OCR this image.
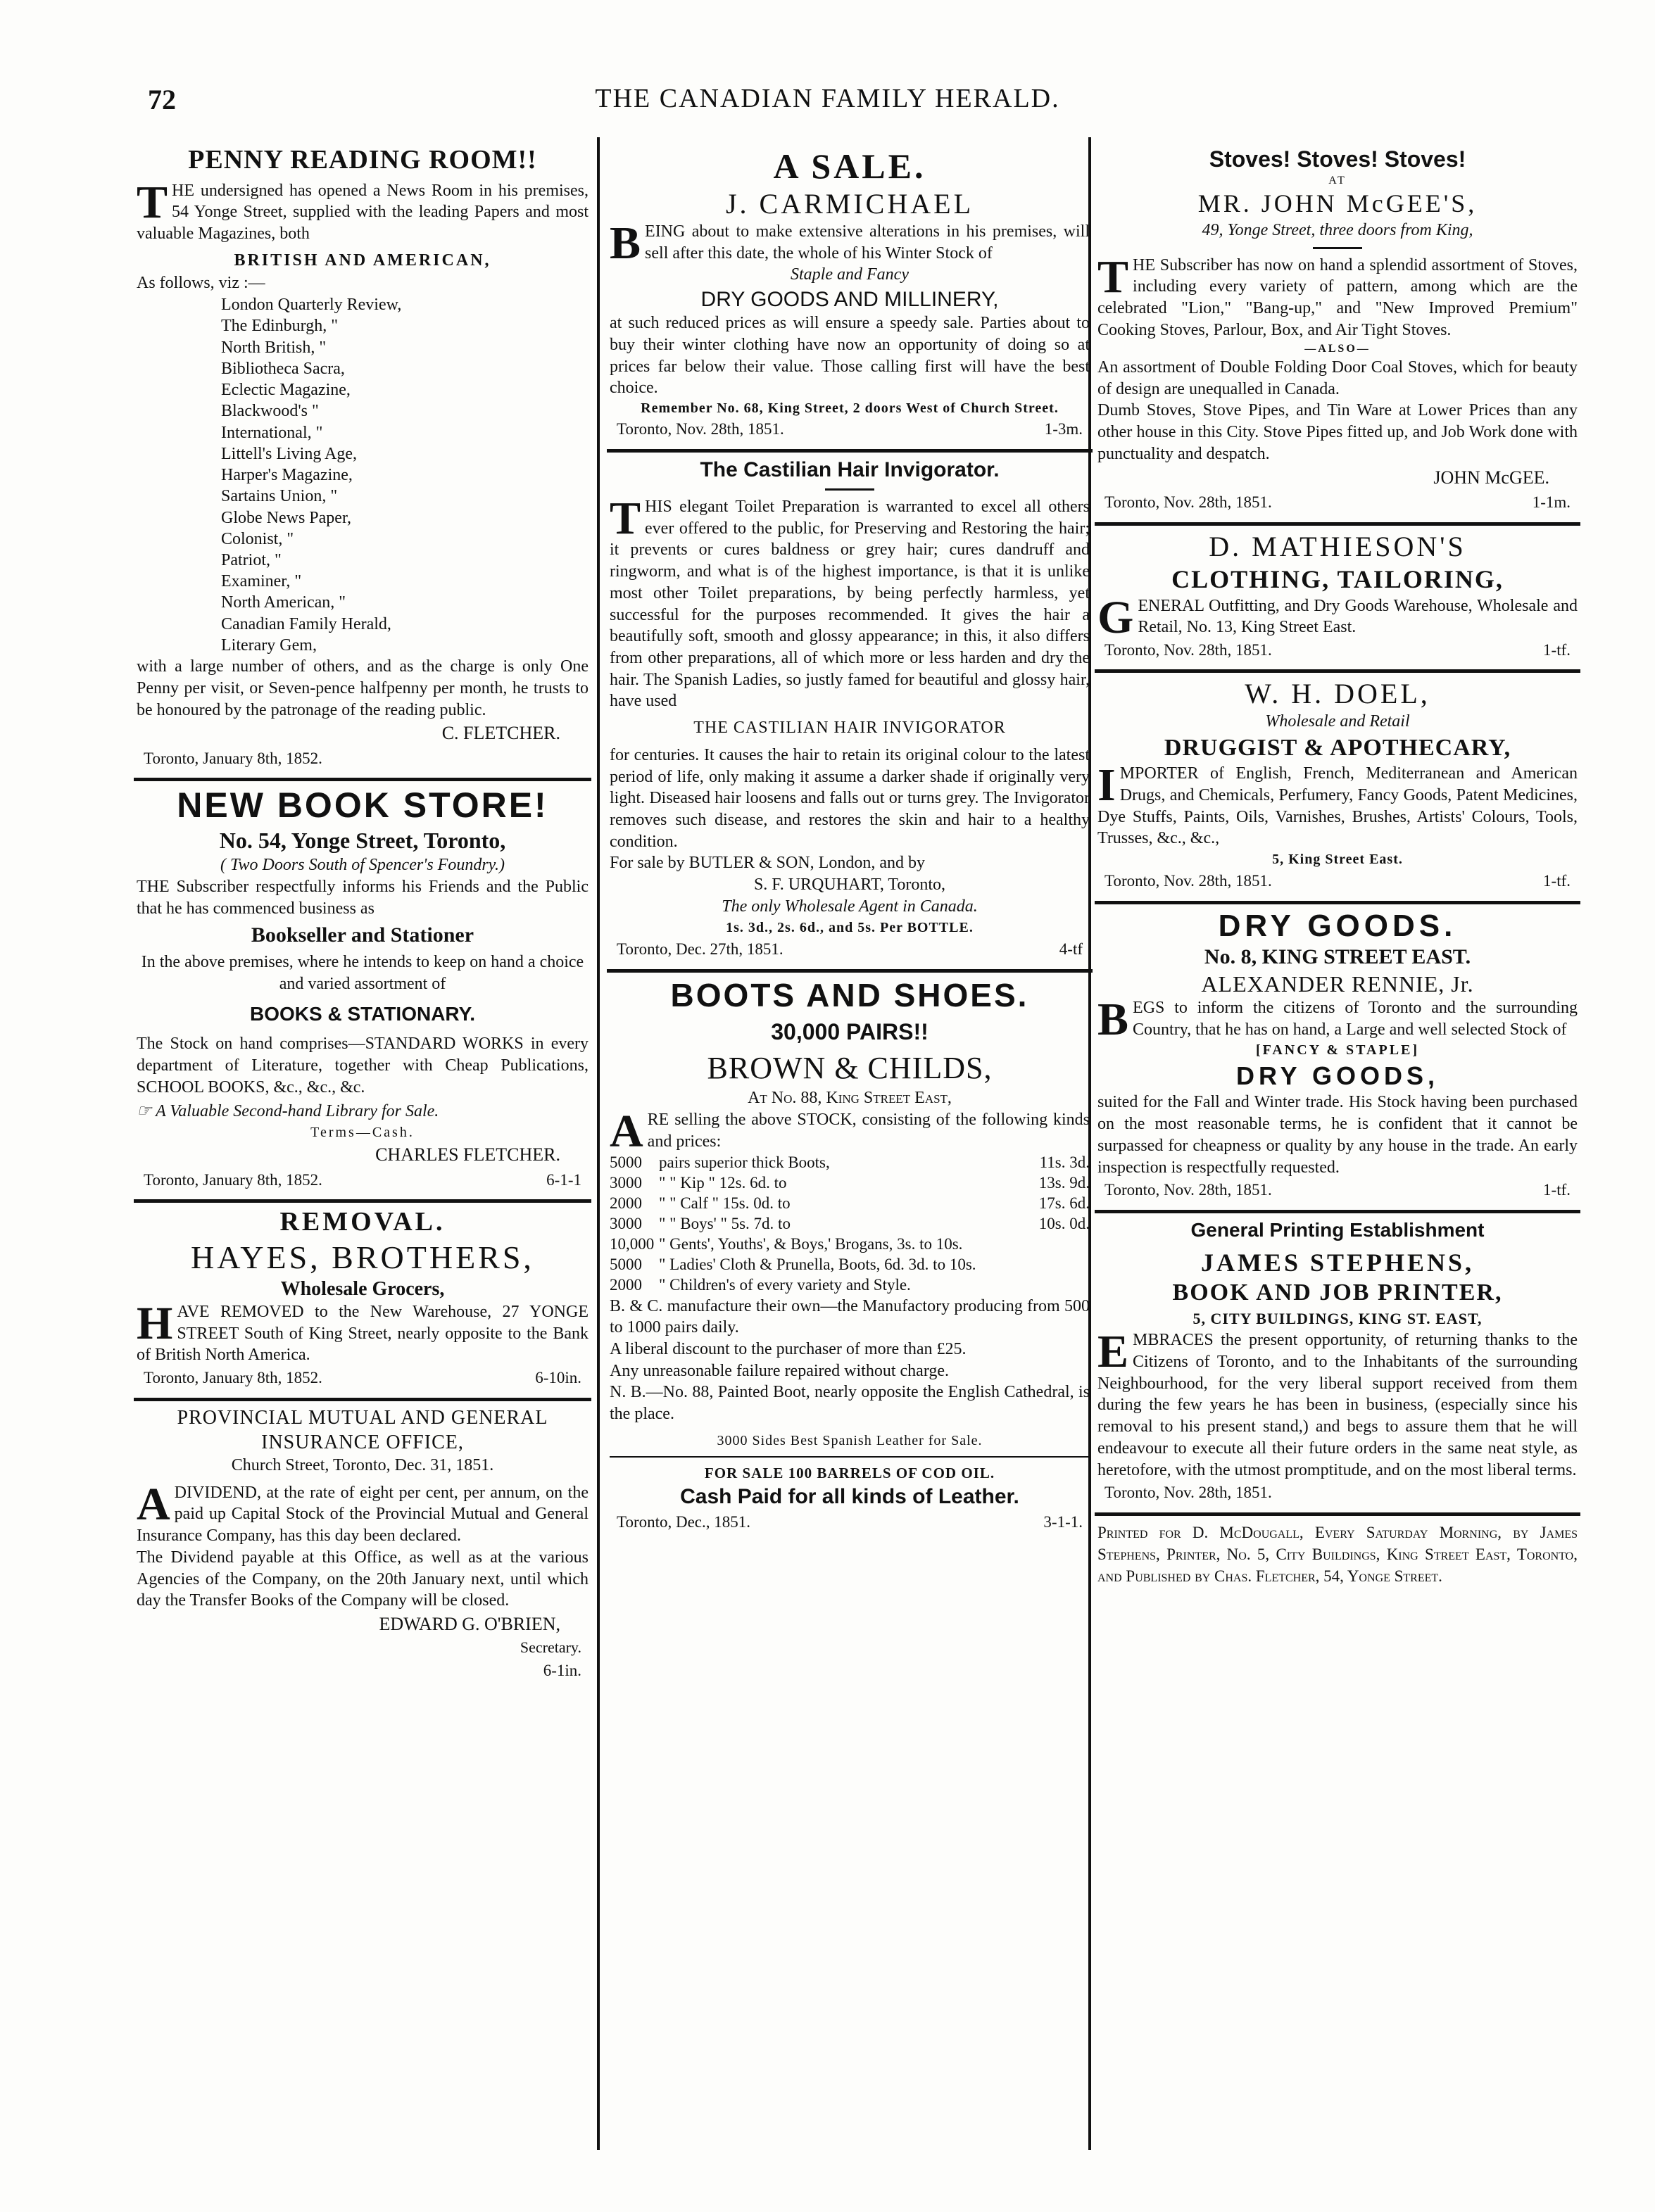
72	THE CANADIAN FAMILY HERALD.

PENNY READING ROOM!!

THE undersigned has opened a News Room in his premises, 54 Yonge Street, supplied with the leading Papers and most valuable Magazines, both

BRITISH AND AMERICAN,

As follows, viz :—

London Quarterly Review,
The Edinburgh, "
North British, "
Bibliotheca Sacra,
Eclectic Magazine,
Blackwood's "
International, "
Littell's Living Age,
Harper's Magazine,
Sartains Union, "
Globe News Paper,
Colonist, "
Patriot, "
Examiner, "
North American, "
Canadian Family Herald,
Literary Gem,

with a large number of others, and as the charge is only One Penny per visit, or Seven-pence halfpenny per month, he trusts to be honoured by the patronage of the reading public.

C. FLETCHER.

Toronto, January 8th, 1852.

NEW BOOK STORE!

No. 54, Yonge Street, Toronto,

( Two Doors South of Spencer's Foundry.)

THE Subscriber respectfully informs his Friends and the Public that he has commenced business as

Bookseller and Stationer

In the above premises, where he intends to keep on hand a choice and varied assortment of

BOOKS & STATIONARY.

The Stock on hand comprises—STANDARD WORKS in every department of Literature, together with Cheap Publications, SCHOOL BOOKS, &c., &c., &c.

☞ A Valuable Second-hand Library for Sale.

Terms—Cash.

CHARLES FLETCHER.

Toronto, January 8th, 1852.	6-1-1

REMOVAL.

HAYES, BROTHERS,

Wholesale Grocers,

HAVE REMOVED to the New Warehouse, 27 YONGE STREET South of King Street, nearly opposite to the Bank of British North America.

Toronto, January 8th, 1852.	6-10in.

PROVINCIAL MUTUAL AND GENERAL INSURANCE OFFICE,

Church Street, Toronto, Dec. 31, 1851.

ADIVIDEND, at the rate of eight per cent, per annum, on the paid up Capital Stock of the Provincial Mutual and General Insurance Company, has this day been declared.

The Dividend payable at this Office, as well as at the various Agencies of the Company, on the 20th January next, until which day the Transfer Books of the Company will be closed.

EDWARD G. O'BRIEN,

Secretary.

6-1in.

A SALE.

J. CARMICHAEL

BEING about to make extensive alterations in his premises, will sell after this date, the whole of his Winter Stock of

Staple and Fancy

DRY GOODS AND MILLINERY,

at such reduced prices as will ensure a speedy sale. Parties about to buy their winter clothing have now an opportunity of doing so at prices far below their value. Those calling first will have the best choice.

Remember No. 68, King Street, 2 doors West of Church Street.

Toronto, Nov. 28th, 1851.	1-3m.

The Castilian Hair Invigorator.

THIS elegant Toilet Preparation is warranted to excel all others ever offered to the public, for Preserving and Restoring the hair; it prevents or cures baldness or grey hair; cures dandruff and ringworm, and what is of the highest importance, is that it is unlike most other Toilet preparations, by being perfectly harmless, yet successful for the purposes recommended. It gives the hair a beautifully soft, smooth and glossy appearance; in this, it also differs from other preparations, all of which more or less harden and dry the hair. The Spanish Ladies, so justly famed for beautiful and glossy hair, have used

THE CASTILIAN HAIR INVIGORATOR

for centuries. It causes the hair to retain its original colour to the latest period of life, only making it assume a darker shade if originally very light. Diseased hair loosens and falls out or turns grey. The Invigorator removes such disease, and restores the skin and hair to a healthy condition.

For sale by BUTLER & SON, London, and by

S. F. URQUHART, Toronto,

The only Wholesale Agent in Canada.

1s. 3d., 2s. 6d., and 5s. Per BOTTLE.

Toronto, Dec. 27th, 1851.	4-tf

BOOTS AND SHOES.

30,000 PAIRS!!

BROWN & CHILDS,

At No. 88, King Street East,

ARE selling the above STOCK, consisting of the following kinds and prices:

5000	pairs superior thick Boots,	11s. 3d.
3000	" " Kip " 12s. 6d. to	13s. 9d.
2000	" " Calf " 15s. 0d. to	17s. 6d.
3000	" " Boys' " 5s. 7d. to	10s. 0d.
10,000 " Gents', Youths', & Boys,' Brogans, 3s. to 10s.
5000	" Ladies' Cloth & Prunella, Boots, 6d. 3d. to 10s.
2000	" Children's of every variety and Style.

B. & C. manufacture their own—the Manufactory producing from 500 to 1000 pairs daily.

A liberal discount to the purchaser of more than £25.

Any unreasonable failure repaired without charge.

N. B.—No. 88, Painted Boot, nearly opposite the English Cathedral, is the place.

3000 Sides Best Spanish Leather for Sale.

FOR SALE 100 BARRELS OF COD OIL.

Cash Paid for all kinds of Leather.

Toronto, Dec., 1851.	3-1-1.

Stoves! Stoves! Stoves!

AT

MR. JOHN McGEE'S,

49, Yonge Street, three doors from King,

THE Subscriber has now on hand a splendid assortment of Stoves, including every variety of pattern, among which are the celebrated "Lion," "Bang-up," and "New Improved Premium" Cooking Stoves, Parlour, Box, and Air Tight Stoves.

—ALSO—

An assortment of Double Folding Door Coal Stoves, which for beauty of design are unequalled in Canada.

Dumb Stoves, Stove Pipes, and Tin Ware at Lower Prices than any other house in this City. Stove Pipes fitted up, and Job Work done with punctuality and despatch.

JOHN McGEE.

Toronto, Nov. 28th, 1851.	1-1m.

D. MATHIESON'S

CLOTHING, TAILORING,

GENERAL Outfitting, and Dry Goods Warehouse, Wholesale and Retail, No. 13, King Street East.

Toronto, Nov. 28th, 1851.	1-tf.

W. H. DOEL,

Wholesale and Retail

DRUGGIST & APOTHECARY,

IMPORTER of English, French, Mediterranean and American Drugs, and Chemicals, Perfumery, Fancy Goods, Patent Medicines, Dye Stuffs, Paints, Oils, Varnishes, Brushes, Artists' Colours, Tools, Trusses, &c., &c.,

5, King Street East.

Toronto, Nov. 28th, 1851.	1-tf.

DRY GOODS.

No. 8, KING STREET EAST.

ALEXANDER RENNIE, Jr.

BEGS to inform the citizens of Toronto and the surrounding Country, that he has on hand, a Large and well selected Stock of

[FANCY & STAPLE]

DRY GOODS,

suited for the Fall and Winter trade. His Stock having been purchased on the most reasonable terms, he is confident that it cannot be surpassed for cheapness or quality by any house in the trade. An early inspection is respectfully requested.

Toronto, Nov. 28th, 1851.	1-tf.

General Printing Establishment

JAMES STEPHENS,

BOOK AND JOB PRINTER,

5, CITY BUILDINGS, KING ST. EAST,

EMBRACES the present opportunity, of returning thanks to the Citizens of Toronto, and to the Inhabitants of the surrounding Neighbourhood, for the very liberal support received from them during the few years he has been in business, (especially since his removal to his present stand,) and begs to assure them that he will endeavour to execute all their future orders in the same neat style, as heretofore, with the utmost promptitude, and on the most liberal terms.

Toronto, Nov. 28th, 1851.
Printed for D. McDougall, Every Saturday Morning, by James Stephens, Printer, No. 5, City Buildings, King Street East, Toronto, and Published by Chas. Fletcher, 54, Yonge Street.
